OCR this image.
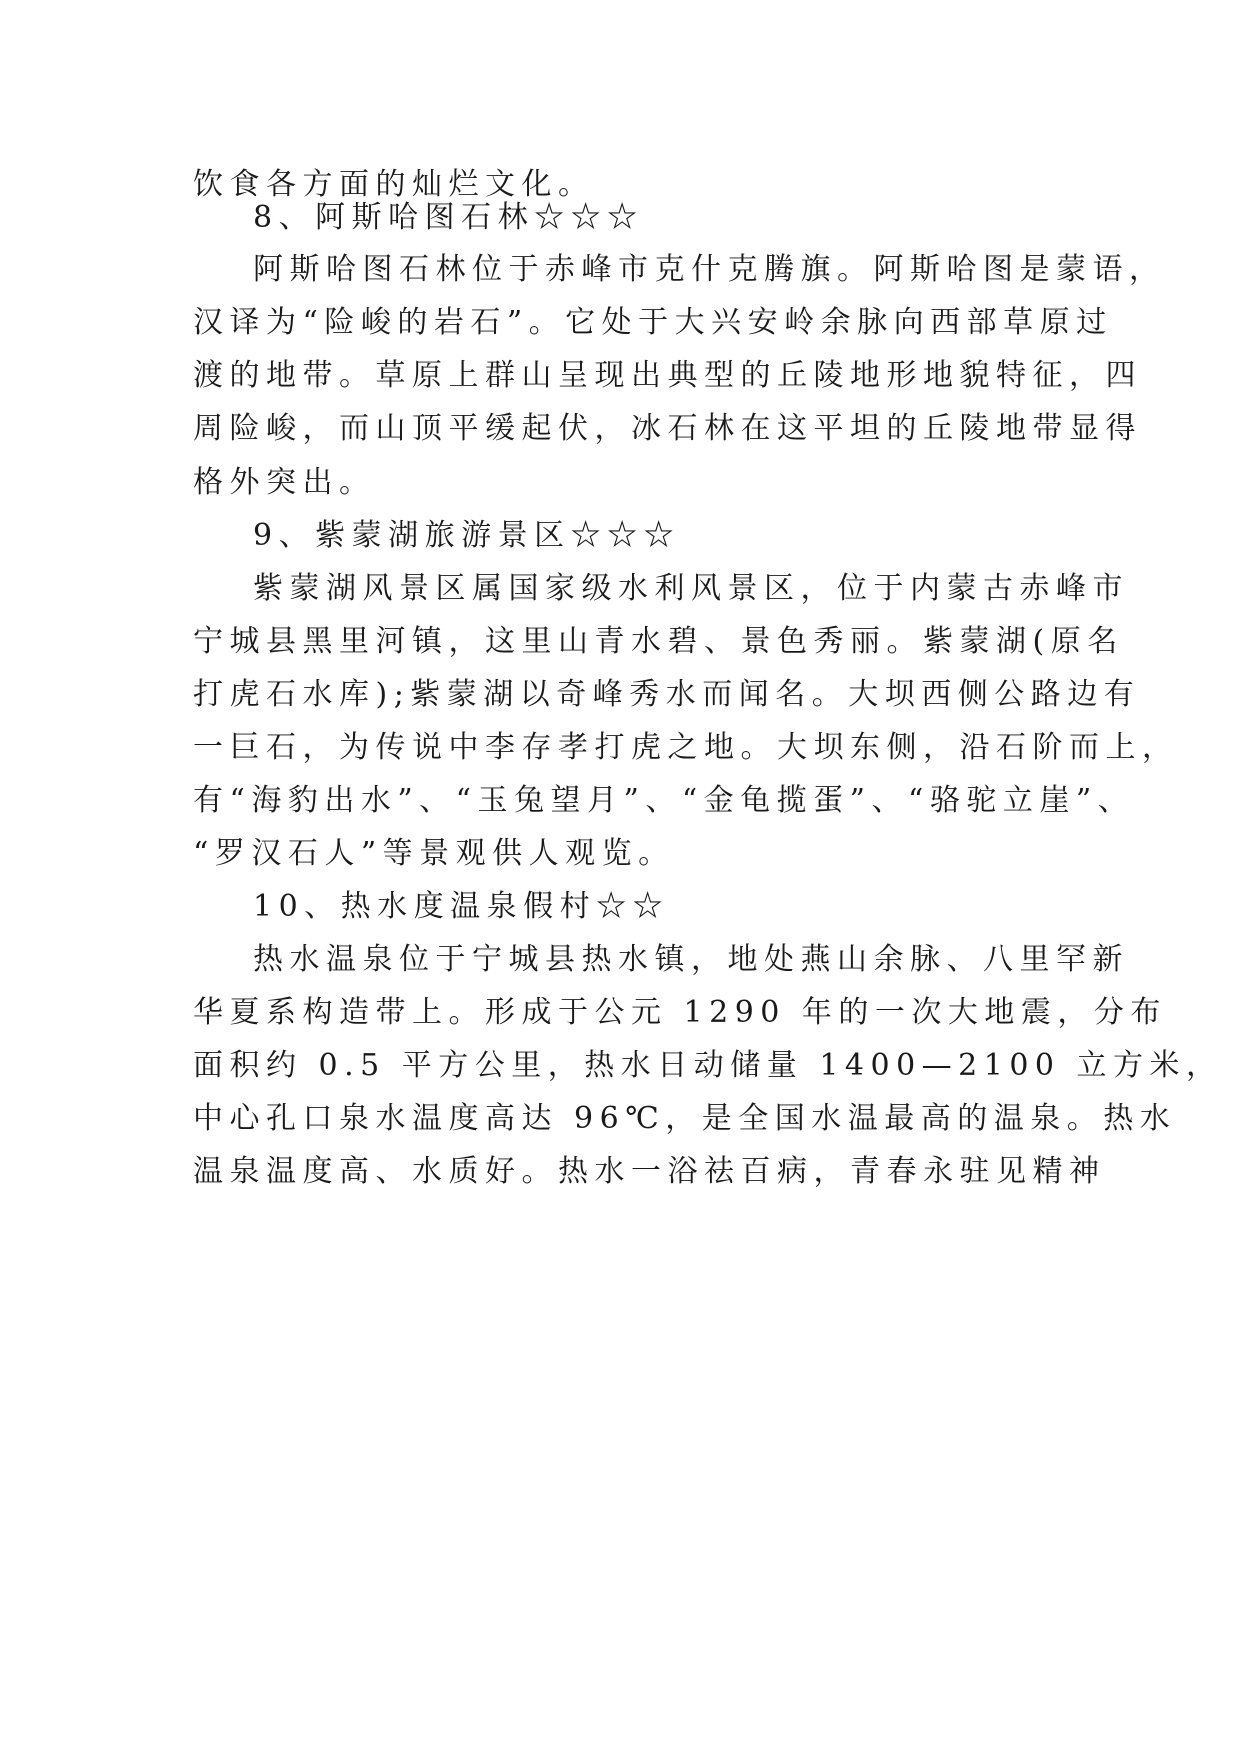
饮食各方面的灿烂文化。
8、阿斯哈图石林☆☆☆
阿斯哈图石林位于赤峰市克什克腾旗。阿斯哈图是蒙语，
汉译为“险峻的岩石”。它处于大兴安岭余脉向西部草原过
渡的地带。草原上群山呈现出典型的丘陵地形地貌特征，四
周险峻，而山顶平缓起伏，冰石林在这平坦的丘陵地带显得
格外突出。
9、紫蒙湖旅游景区☆☆☆
紫蒙湖风景区属国家级水利风景区，位于内蒙古赤峰市
宁城县黑里河镇，这里山青水碧、景色秀丽。紫蒙湖(原名
打虎石水库);紫蒙湖以奇峰秀水而闻名。大坝西侧公路边有
一巨石，为传说中李存孝打虎之地。大坝东侧，沿石阶而上，
有“海豹出水”、“玉兔望月”、“金龟揽蛋”、“骆驼立崖”、
“罗汉石人”等景观供人观览。
10、热水度温泉假村☆☆
热水温泉位于宁城县热水镇，地处燕山余脉、八里罕新
华夏系构造带上。形成于公元 1290 年的一次大地震，分布
面积约 0.5 平方公里，热水日动储量 1400—2100 立方米，
中心孔口泉水温度高达 96℃，是全国水温最高的温泉。热水
温泉温度高、水质好。热水一浴祛百病，青春永驻见精神
